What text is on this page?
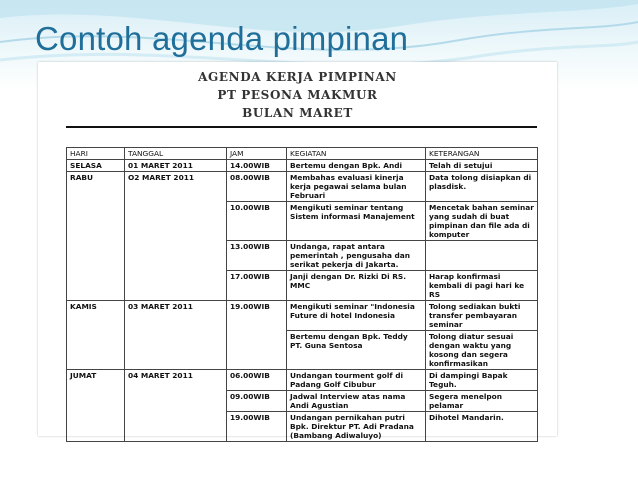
Contoh agenda pimpinan
AGENDA KERJA PIMPINAN
PT PESONA MAKMUR
BULAN MARET
HARI	TANGGAL	JAM	KEGIATAN	KETERANGAN
SELASA	01 MARET 2011	14.00WIB	Bertemu dengan Bpk. Andi	Telah di setujui
RABU	O2 MARET 2011	08.00WIB	Membahas evaluasi kinerja kerja pegawai selama bulan Februari	Data tolong disiapkan di plasdisk.
		10.00WIB	Mengikuti seminar tentang Sistem informasi Manajement	Mencetak bahan seminar yang sudah di buat pimpinan dan file ada di komputer
		13.00WIB	Undanga, rapat antara pemerintah , pengusaha dan serikat pekerja di Jakarta.	
		17.00WIB	Janji dengan Dr. Rizki Di RS. MMC	Harap konfirmasi kembali di pagi hari ke RS
KAMIS	03 MARET 2011	19.00WIB	Mengikuti seminar "Indonesia Future di hotel Indonesia	Tolong sediakan bukti transfer pembayaran seminar
			Bertemu dengan Bpk. Teddy PT. Guna Sentosa	Tolong diatur sesuai dengan waktu yang kosong dan segera konfirmasikan
JUMAT	04 MARET 2011	06.00WIB	Undangan tourment golf di Padang Golf Cibubur	Di dampingi Bapak Teguh.
		09.00WIB	Jadwal Interview atas nama Andi Agustian	Segera menelpon pelamar
		19.00WIB	Undangan pernikahan putri Bpk. Direktur PT. Adi Pradana (Bambang Adiwaluyo)	Dihotel Mandarin.
